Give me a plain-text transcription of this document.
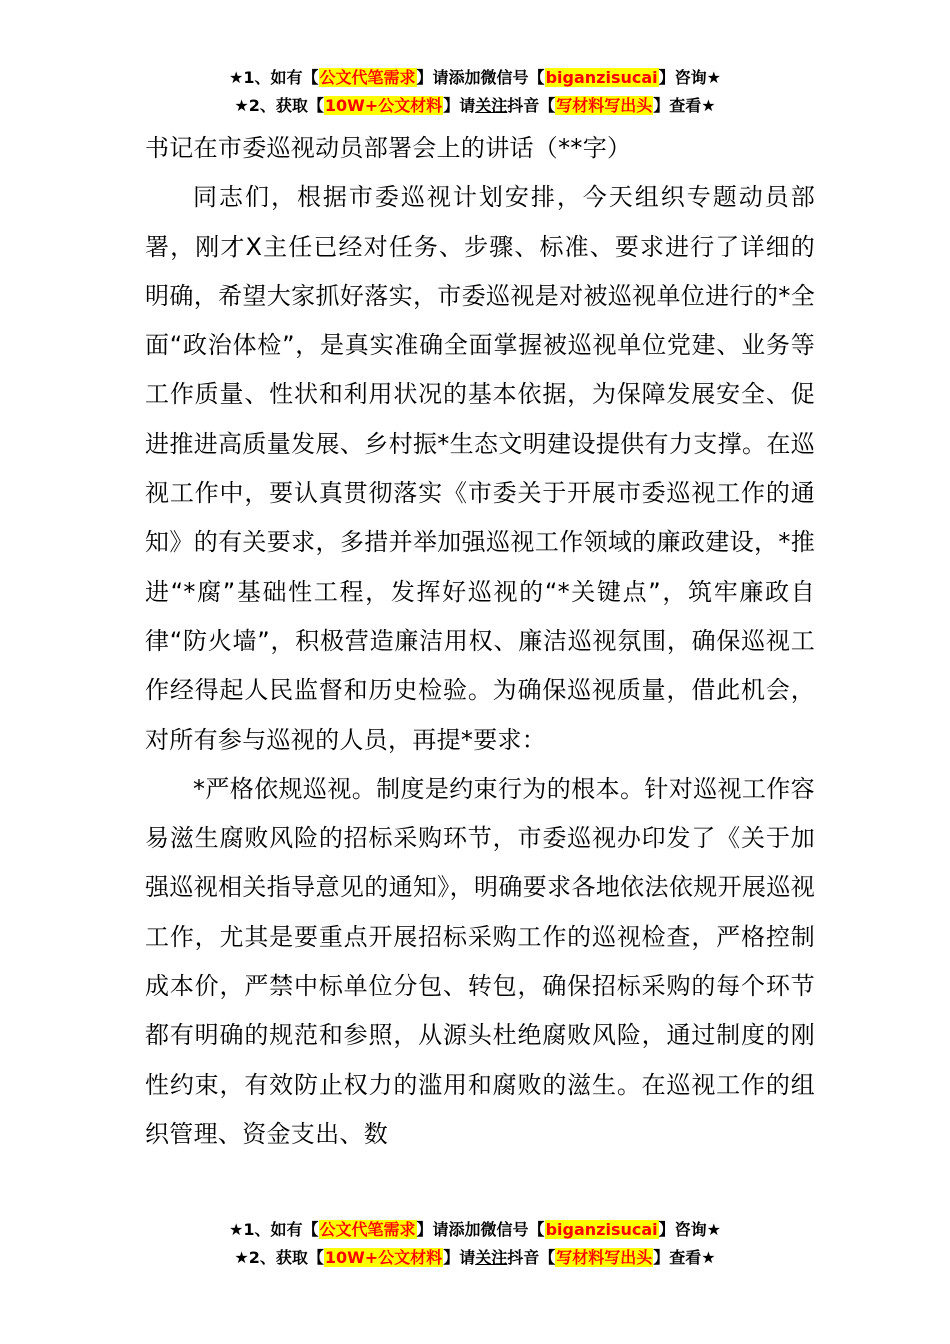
★1、如有【公文代笔需求】请添加微信号【biganzisucai】咨询★
★2、获取【10W+公文材料】请关注抖音【写材料写出头】查看★

书记在市委巡视动员部署会上的讲话（**字）

同志们，根据市委巡视计划安排，今天组织专题动员部署，刚才X主任已经对任务、步骤、标准、要求进行了详细的明确，希望大家抓好落实，市委巡视是对被巡视单位进行的*全面“政治体检”，是真实准确全面掌握被巡视单位党建、业务等工作质量、性状和利用状况的基本依据，为保障发展安全、促进推进高质量发展、乡村振*生态文明建设提供有力支撑。在巡视工作中，要认真贯彻落实《市委关于开展市委巡视工作的通知》的有关要求，多措并举加强巡视工作领域的廉政建设，*推进“*腐”基础性工程，发挥好巡视的“*关键点”，筑牢廉政自律“防火墙”，积极营造廉洁用权、廉洁巡视氛围，确保巡视工作经得起人民监督和历史检验。为确保巡视质量，借此机会，对所有参与巡视的人员，再提*要求：

*严格依规巡视。制度是约束行为的根本。针对巡视工作容易滋生腐败风险的招标采购环节，市委巡视办印发了《关于加强巡视相关指导意见的通知》，明确要求各地依法依规开展巡视工作，尤其是要重点开展招标采购工作的巡视检查，严格控制成本价，严禁中标单位分包、转包，确保招标采购的每个环节都有明确的规范和参照，从源头杜绝腐败风险，通过制度的刚性约束，有效防止权力的滥用和腐败的滋生。在巡视工作的组织管理、资金支出、数

★1、如有【公文代笔需求】请添加微信号【biganzisucai】咨询★
★2、获取【10W+公文材料】请关注抖音【写材料写出头】查看★
